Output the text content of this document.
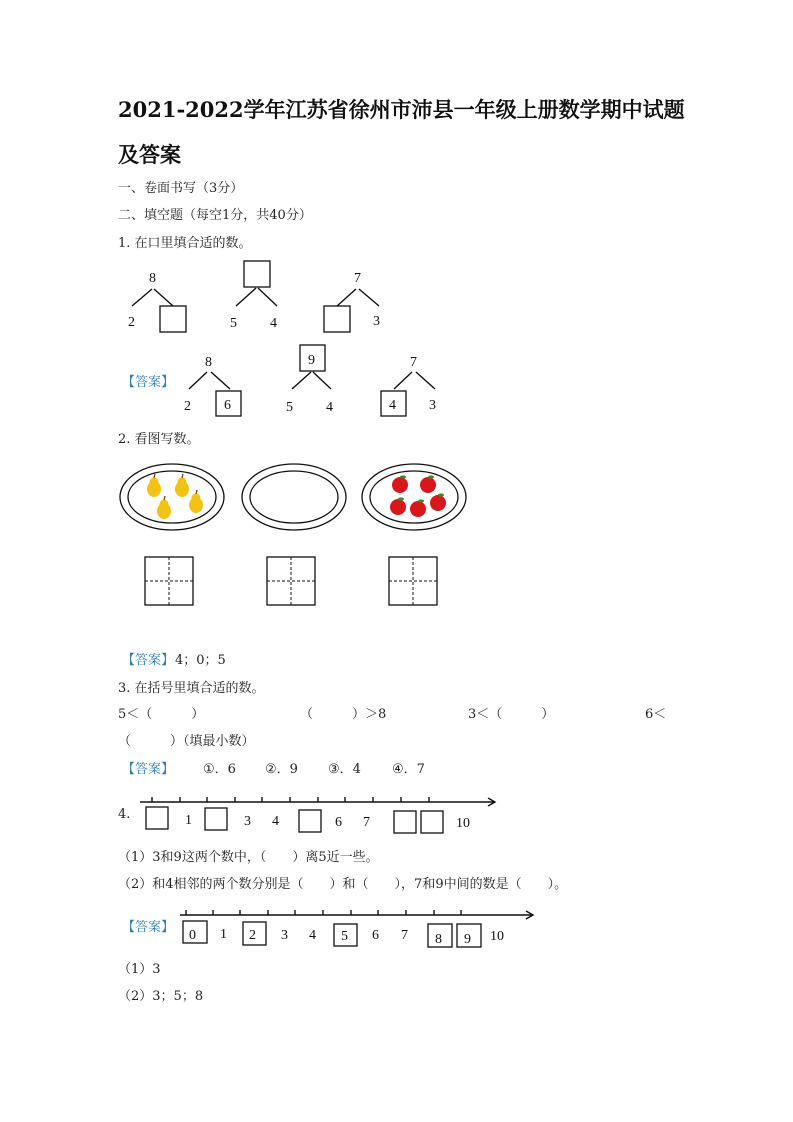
2021-2022学年江苏省徐州市沛县一年级上册数学期中试题
及答案
一、卷面书写（3分）
二、填空题（每空1分，共40分）
1. 在口里填合适的数。
8
2	5 4
7
3
【答案】
8
2 6
9
5 4
7
4 3
2. 看图写数。
【答案】 4；0；5
3. 在括号里填合适的数。
5＜（　　　）	（　　　）＞8	3＜（　　　）	6＜
（　　　）（填最小数）
【答案】 ①．6 ②．9 ③．4 ④．7
4.	1	3 4	6 7	10
（1）3和9这两个数中，（　　）离5近一些。
（2）和4相邻的两个数分别是（　　）和（　　），7和9中间的数是（　　）。
【答案】
0	2	5	8 9
1	3 4	6 7	10
（1）3
（2）3；5；8
